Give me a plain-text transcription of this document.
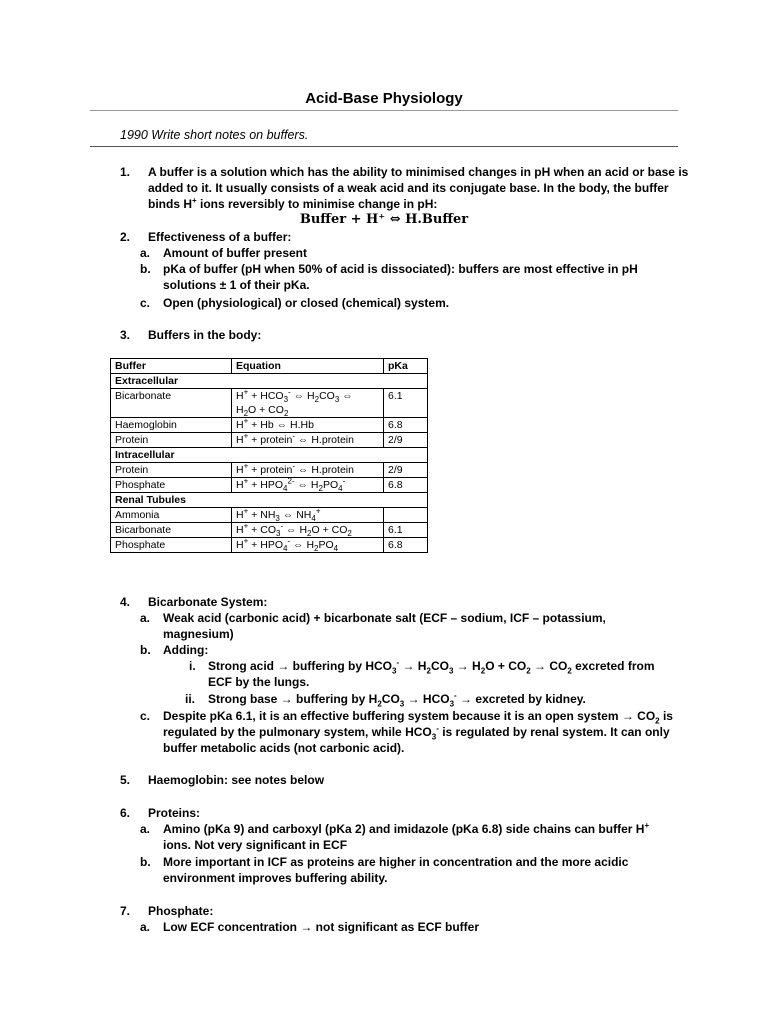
Acid-Base Physiology
1990 Write short notes on buffers.
1. A buffer is a solution which has the ability to minimised changes in pH when an acid or base is
added to it. It usually consists of a weak acid and its conjugate base. In the body, the buffer
binds H+ ions reversibly to minimise change in pH:
Buffer + H⁺ ⇔ H.Buffer
2. Effectiveness of a buffer:
a. Amount of buffer present
b. pKa of buffer (pH when 50% of acid is dissociated): buffers are most effective in pH
solutions ± 1 of their pKa.
c. Open (physiological) or closed (chemical) system.
3. Buffers in the body:
Buffer	Equation	pKa
Extracellular		
Bicarbonate	$H^+ + HCO_3^-$ ⇔ $H_2CO_3$ ⇔
$H_2O + CO_2$	6.1
Haemoglobin	H+ + Hb ⇔ H.Hb	6.8
Protein	H+ + protein- ⇔ H.protein	2/9
Intracellular		
Protein	H+ + protein- ⇔ H.protein	2/9
Phosphate	$H^+ + HPO_4^{2-}$ ⇔ $H_2PO_4^-$	6.8
Renal Tubules		
Ammonia	$H^+ + NH_3$ ⇔ $NH_4^+$	
Bicarbonate	$H^+ + CO_3^-$ ⇔ $H_2O + CO_2$	6.1
Phosphate	$H^+ + HPO_4^-$ ⇔ $H_2PO_4$	6.8
4. Bicarbonate System:
a. Weak acid (carbonic acid) + bicarbonate salt (ECF – sodium, ICF – potassium,
magnesium)
b. Adding:
i. Strong acid → buffering by $HCO_3^- \to H_2CO_3 \to H_2O + CO_2 \to CO_2$ excreted from
ECF by the lungs.
ii. Strong base → buffering by $H_2CO_3 \to HCO_3^-$ → excreted by kidney.
c. Despite pKa 6.1, it is an effective buffering system because it is an open system → $CO_2$ is
regulated by the pulmonary system, while $HCO_3^-$ is regulated by renal system. It can only
buffer metabolic acids (not carbonic acid).
5. Haemoglobin: see notes below
6. Proteins:
a. Amino (pKa 9) and carboxyl (pKa 2) and imidazole (pKa 6.8) side chains can buffer H+
ions. Not very significant in ECF
b. More important in ICF as proteins are higher in concentration and the more acidic
environment improves buffering ability.
7. Phosphate:
a. Low ECF concentration → not significant as ECF buffer
